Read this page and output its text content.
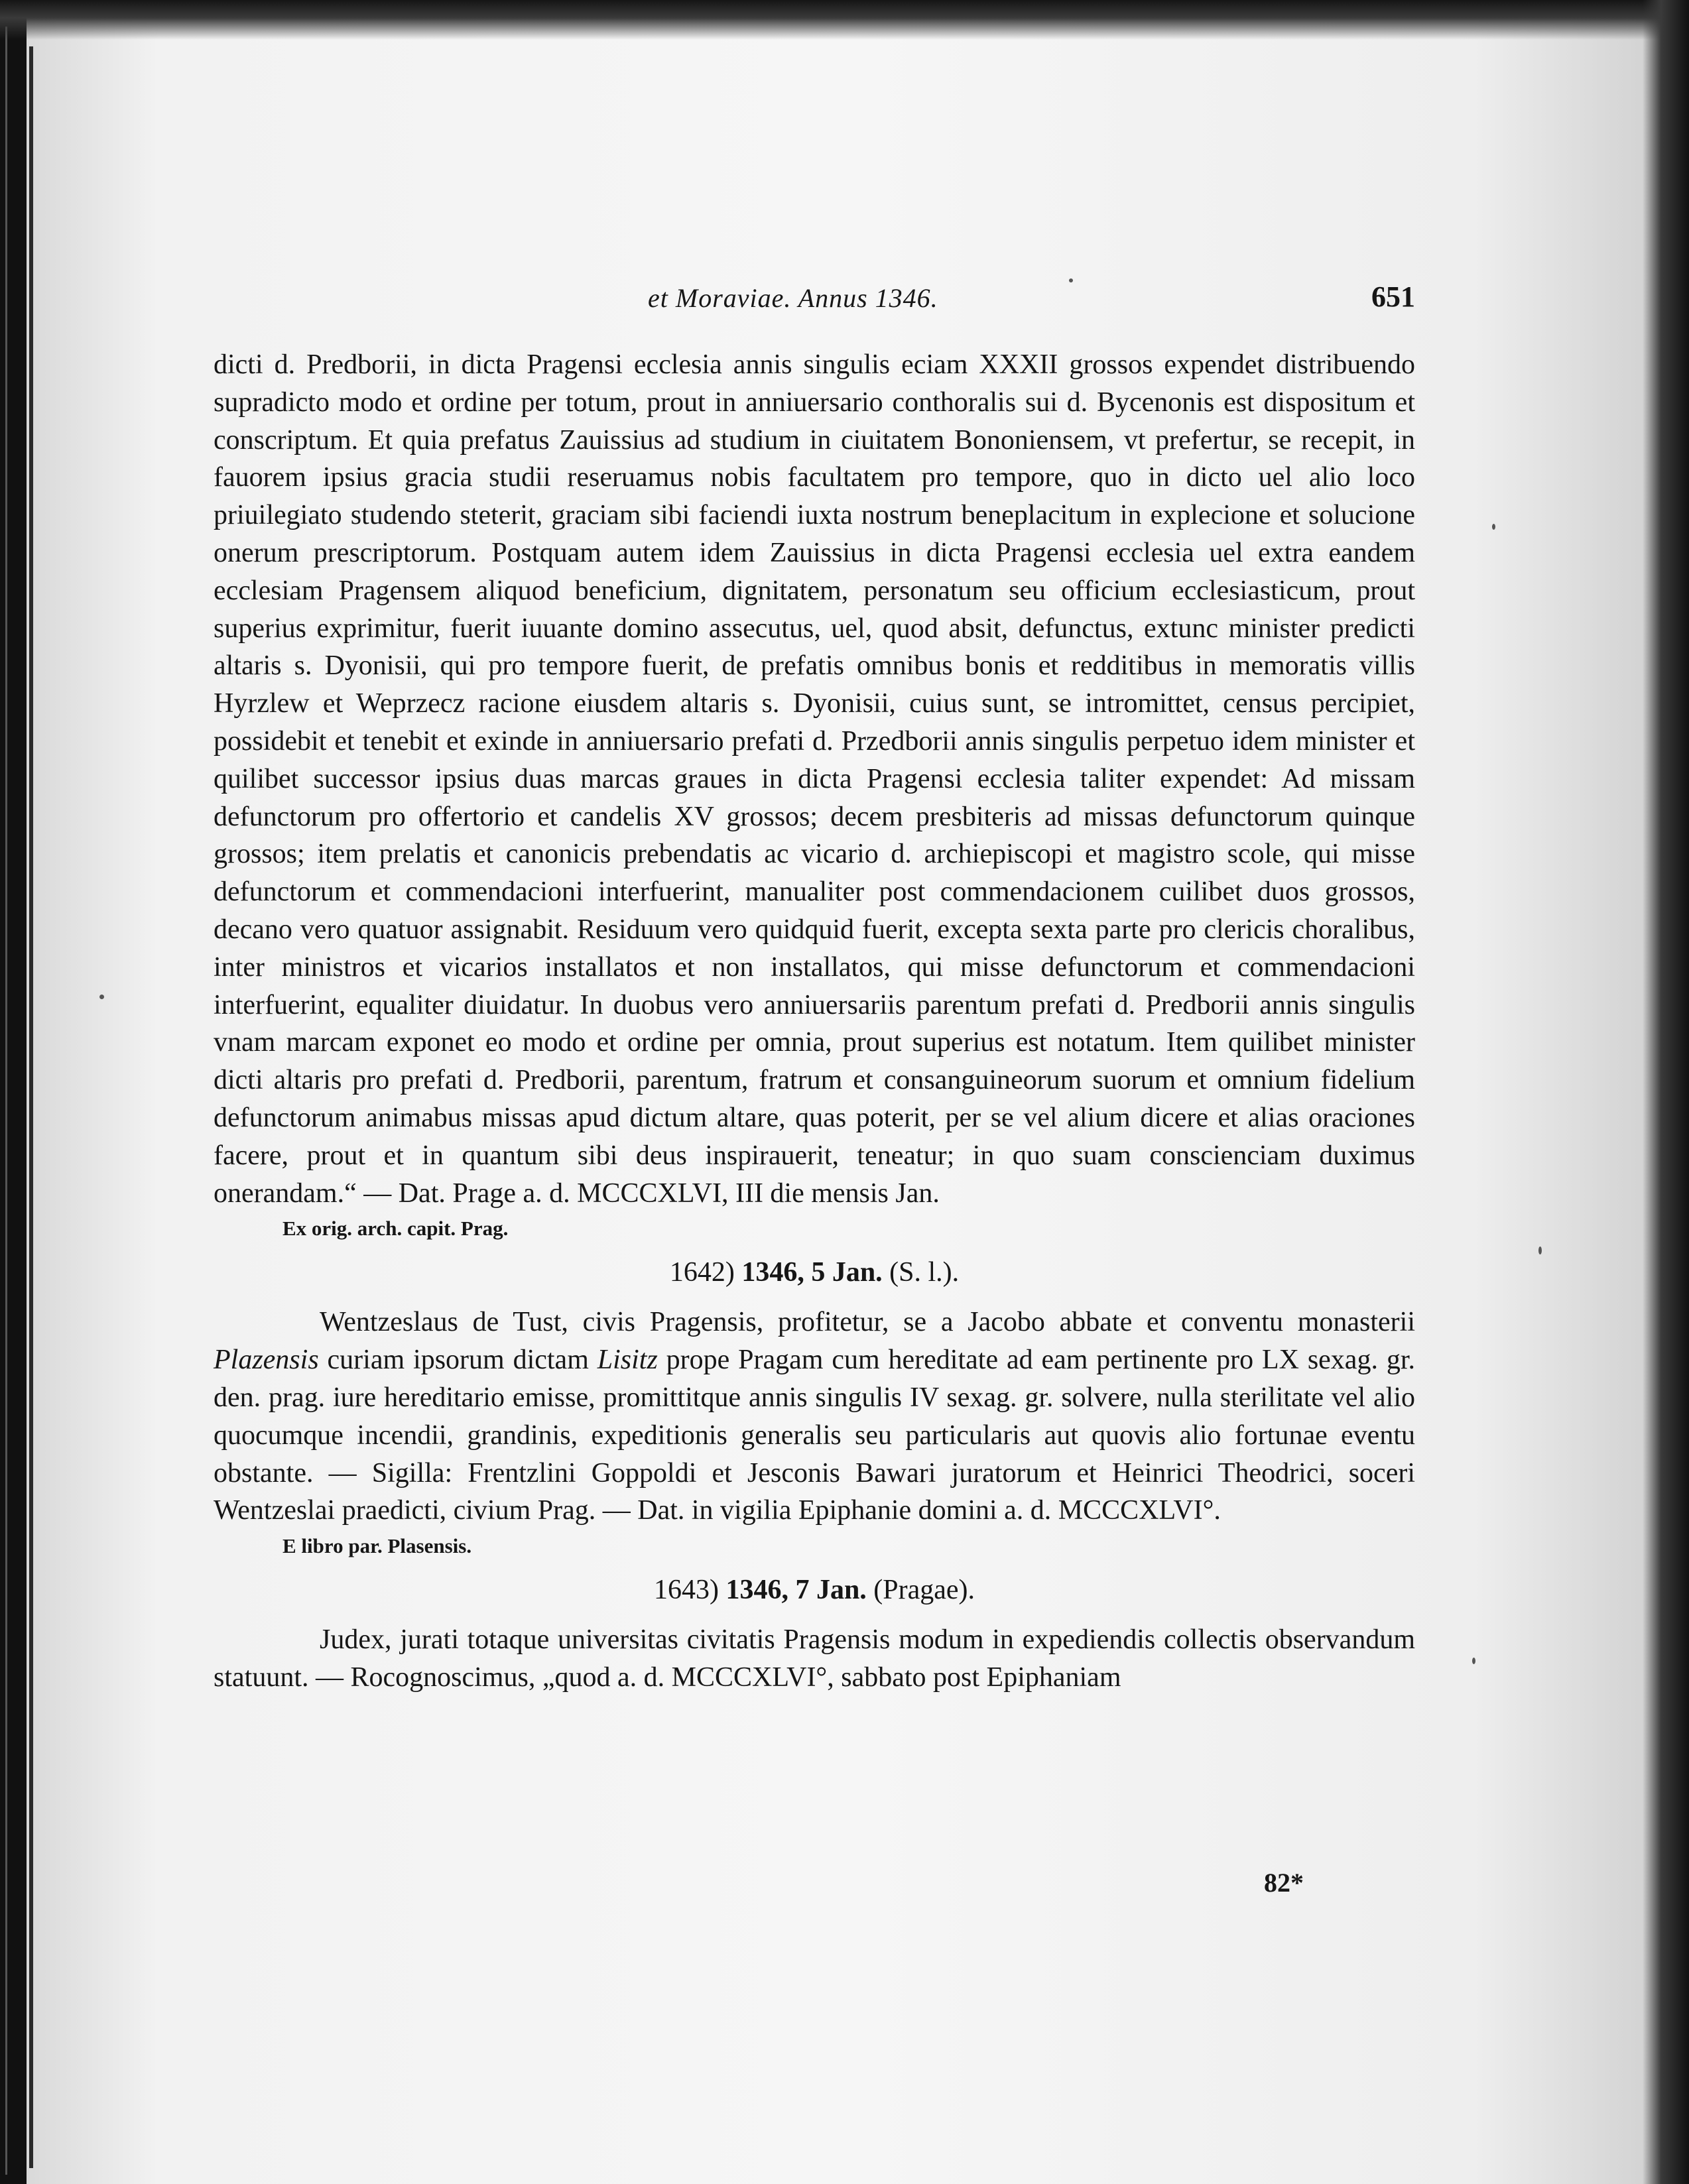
et Moraviae. Annus 1346.	651

dicti d. Predborii, in dicta Pragensi ecclesia annis singulis eciam XXXII grossos expendet distribuendo supradicto modo et ordine per totum, prout in anniuersario conthoralis sui d. Bycenonis est dispositum et conscriptum. Et quia prefatus Zauissius ad studium in ciuitatem Bononiensem, vt prefertur, se recepit, in fauorem ipsius gracia studii reseruamus nobis facultatem pro tempore, quo in dicto uel alio loco priuilegiato studendo steterit, graciam sibi faciendi iuxta nostrum beneplacitum in explecione et solucione onerum prescriptorum. Postquam autem idem Zauissius in dicta Pragensi ecclesia uel extra eandem ecclesiam Pragensem aliquod beneficium, dignitatem, personatum seu officium ecclesiasticum, prout superius exprimitur, fuerit iuuante domino assecutus, uel, quod absit, defunctus, extunc minister predicti altaris s. Dyonisii, qui pro tempore fuerit, de prefatis omnibus bonis et redditibus in memoratis villis Hyrzlew et Weprzecz racione eiusdem altaris s. Dyonisii, cuius sunt, se intromittet, census percipiet, possidebit et tenebit et exinde in anniuersario prefati d. Przedborii annis singulis perpetuo idem minister et quilibet successor ipsius duas marcas graues in dicta Pragensi ecclesia taliter expendet: Ad missam defunctorum pro offertorio et candelis XV grossos; decem presbiteris ad missas defunctorum quinque grossos; item prelatis et canonicis prebendatis ac vicario d. archiepiscopi et magistro scole, qui misse defunctorum et commendacioni interfuerint, manualiter post commendacionem cuilibet duos grossos, decano vero quatuor assignabit. Residuum vero quidquid fuerit, excepta sexta parte pro clericis choralibus, inter ministros et vicarios installatos et non installatos, qui misse defunctorum et commendacioni interfuerint, equaliter diuidatur. In duobus vero anniuersariis parentum prefati d. Predborii annis singulis vnam marcam exponet eo modo et ordine per omnia, prout superius est notatum. Item quilibet minister dicti altaris pro prefati d. Predborii, parentum, fratrum et consanguineorum suorum et omnium fidelium defunctorum animabus missas apud dictum altare, quas poterit, per se vel alium dicere et alias oraciones facere, prout et in quantum sibi deus inspirauerit, teneatur; in quo suam conscienciam duximus onerandam.“ — Dat. Prage a. d. MCCCXLVI, III die mensis Jan.

Ex orig. arch. capit. Prag.

1642) 1346, 5 Jan. (S. l.).

Wentzeslaus de Tust, civis Pragensis, profitetur, se a Jacobo abbate et conventu monasterii Plazensis curiam ipsorum dictam Lisitz prope Pragam cum hereditate ad eam pertinente pro LX sexag. gr. den. prag. iure hereditario emisse, promittitque annis singulis IV sexag. gr. solvere, nulla sterilitate vel alio quocumque incendii, grandinis, expeditionis generalis seu particularis aut quovis alio fortunae eventu obstante. — Sigilla: Frentzlini Goppoldi et Jesconis Bawari juratorum et Heinrici Theodrici, soceri Wentzeslai praedicti, civium Prag. — Dat. in vigilia Epiphanie domini a. d. MCCCXLVI°.

E libro par. Plasensis.

1643) 1346, 7 Jan. (Pragae).

Judex, jurati totaque universitas civitatis Pragensis modum in expediendis collectis observandum statuunt. — Rocognoscimus, „quod a. d. MCCCXLVI°, sabbato post Epiphaniam

82*
